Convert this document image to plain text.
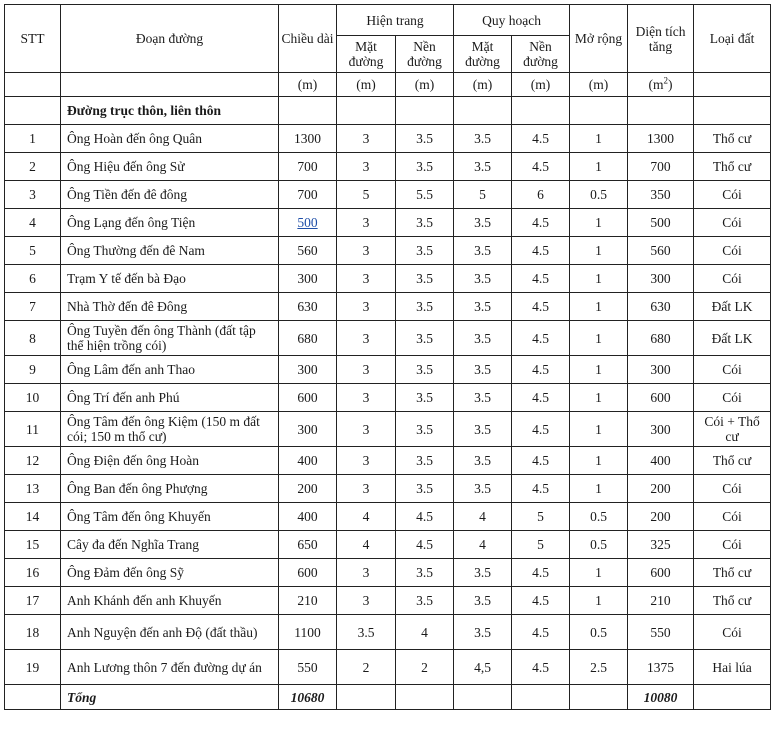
STT	Đoạn đường	Chiều dài	Hiện trang		Quy hoạch		Mở rộng	Diện tích tăng	Loại đất
			Mặt đường	Nền đường	Mặt đường	Nền đường			
		(m)	(m)	(m)	(m)	(m)	(m)	$(m^2)$	
	Đường trục thôn, liên thôn								
1	Ông Hoàn đến ông Quân	1300	3	3.5	3.5	4.5	1	1300	Thổ cư
2	Ông Hiệu đến ông Sử	700	3	3.5	3.5	4.5	1	700	Thổ cư
3	Ông Tiền đến đê đông	700	5	5.5	5	6	0.5	350	Cói
4	Ông Lạng đến ông Tiện	500	3	3.5	3.5	4.5	1	500	Cói
5	Ông Thường đến đê Nam	560	3	3.5	3.5	4.5	1	560	Cói
6	Trạm Y tế đến bà Đạo	300	3	3.5	3.5	4.5	1	300	Cói
7	Nhà Thờ đến đê Đông	630	3	3.5	3.5	4.5	1	630	Đất LK
8	Ông Tuyền đến ông Thành (đất tập thể hiện trồng cói)	680	3	3.5	3.5	4.5	1	680	Đất LK
9	Ông Lâm đến anh Thao	300	3	3.5	3.5	4.5	1	300	Cói
10	Ông Trí đến anh Phú	600	3	3.5	3.5	4.5	1	600	Cói
11	Ông Tâm đến ông Kiệm (150 m đất cói; 150 m thổ cư)	300	3	3.5	3.5	4.5	1	300	Cói + Thổ cư
12	Ông Điện đến ông Hoàn	400	3	3.5	3.5	4.5	1	400	Thổ cư
13	Ông Ban đến ông Phượng	200	3	3.5	3.5	4.5	1	200	Cói
14	Ông Tâm đến ông Khuyến	400	4	4.5	4	5	0.5	200	Cói
15	Cây đa đến Nghĩa Trang	650	4	4.5	4	5	0.5	325	Cói
16	Ông Đảm đến ông Sỹ	600	3	3.5	3.5	4.5	1	600	Thổ cư
17	Anh Khánh đến anh Khuyến	210	3	3.5	3.5	4.5	1	210	Thổ cư
18	Anh Nguyện đến anh Độ (đất thầu)	1100	3.5	4	3.5	4.5	0.5	550	Cói
19	Anh Lương thôn 7 đến đường dự án	550	2	2	4,5	4.5	2.5	1375	Hai lúa
	Tổng	10680						10080	
